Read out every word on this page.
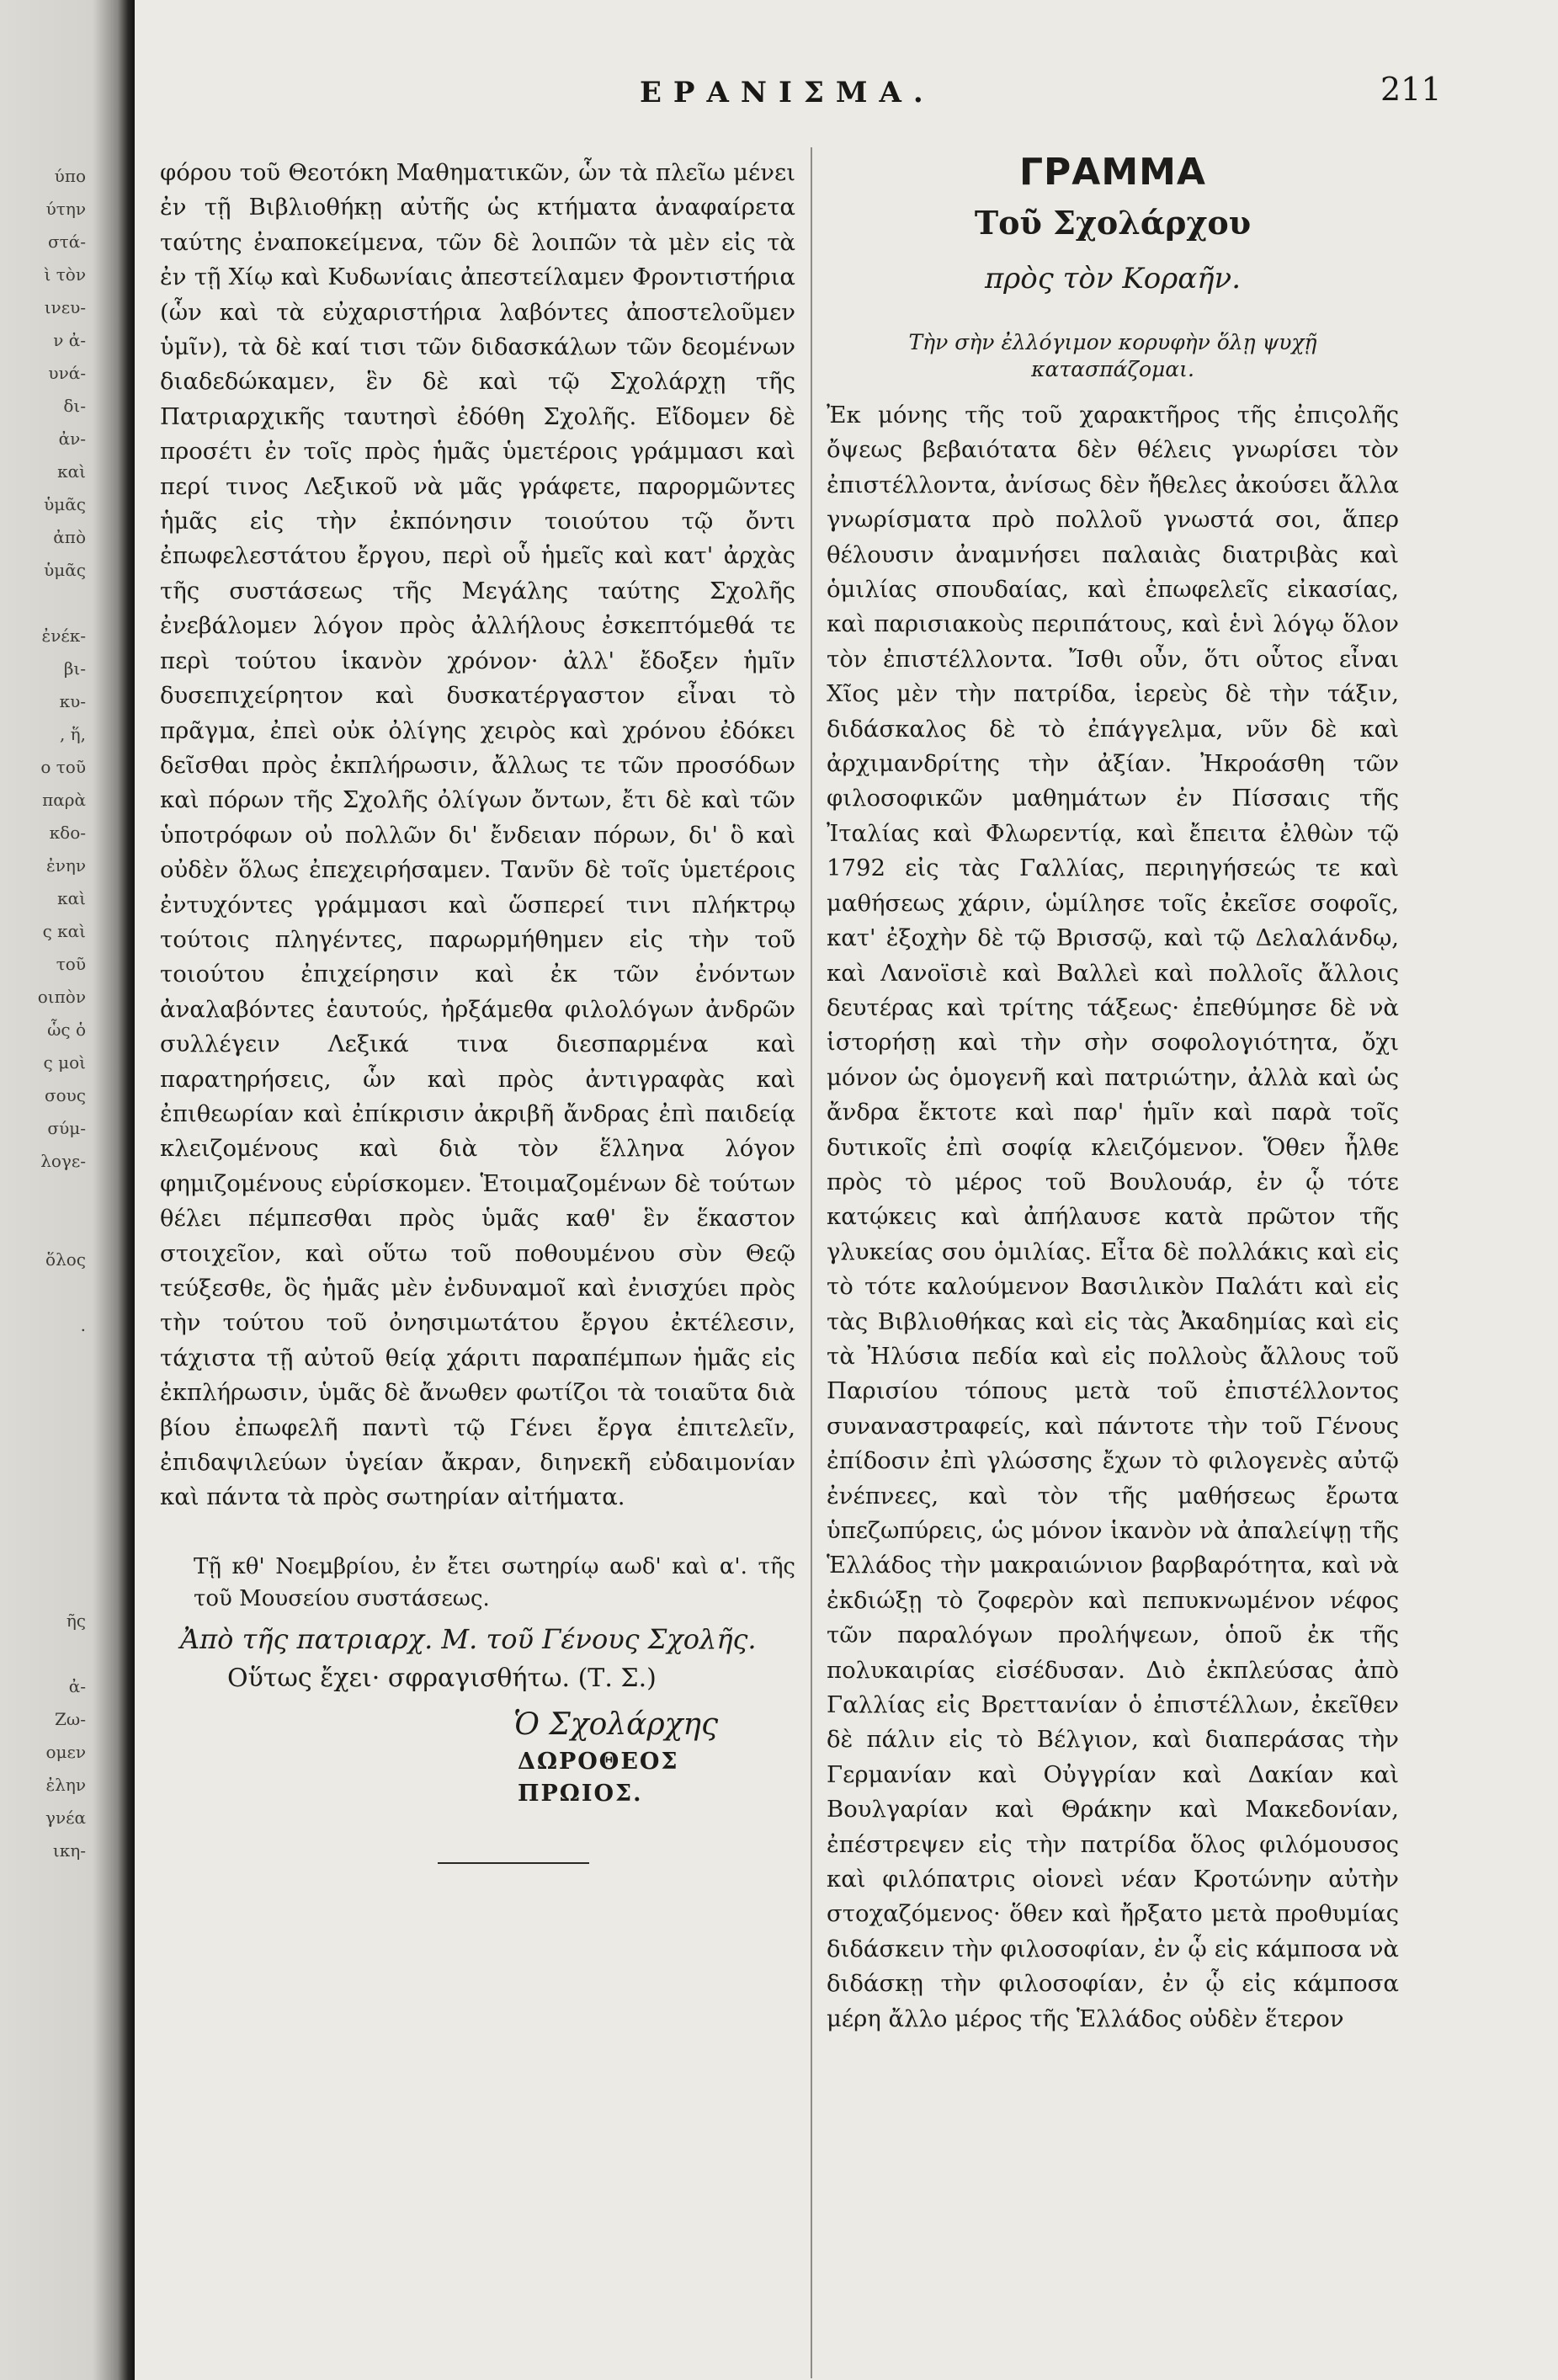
ύπο
ύτην
στά-
ὶ τὸν
ινευ-
ν ἀ-
υνά-
δι-
ἀν-
καὶ
ὑμᾶς
ἀπὸ
ὑμᾶς

ἐνέκ-
βι-
κυ-
, ἥ,
ο τοῦ
παρὰ
κδο-
ἐνην
καὶ
ς καὶ
τοῦ
οιπὸν
ὧς ὁ
ς μοὶ
σους
σύμ-
λογε-

ὅλος

.

ῆς

ἀ-
Ζω-
ομεν
ἐλην
γνέα
ικη-
ΕΡΑΝΙΣΜΑ.	211

φόρου τοῦ Θεοτόκη Μαθηματικῶν, ὧν τὰ πλεῖω μένει ἐν τῇ Βιβλιοθήκῃ αὐτῆς ὡς κτήματα ἀναφαίρετα ταύτης ἐναποκείμενα, τῶν δὲ λοιπῶν τὰ μὲν εἰς τὰ ἐν τῇ Χίῳ καὶ Κυδωνίαις ἀπεστείλαμεν Φροντιστήρια (ὧν καὶ τὰ εὐχαριστήρια λαβόντες ἀποστελοῦμεν ὑμῖν), τὰ δὲ καί τισι τῶν διδασκάλων τῶν δεομένων διαδεδώκαμεν, ἓν δὲ καὶ τῷ Σχολάρχῃ τῆς Πατριαρχικῆς ταυτησὶ ἐδόθη Σχολῆς. Εἴδομεν δὲ προσέτι ἐν τοῖς πρὸς ἡμᾶς ὑμετέροις γράμμασι καὶ περί τινος Λεξικοῦ νὰ μᾶς γράφετε, παρορμῶντες ἡμᾶς εἰς τὴν ἐκπόνησιν τοιούτου τῷ ὄντι ἐπωφελεστάτου ἔργου, περὶ οὗ ἡμεῖς καὶ κατ' ἀρχὰς τῆς συστάσεως τῆς Μεγάλης ταύτης Σχολῆς ἐνεβάλομεν λόγον πρὸς ἀλλήλους ἐσκεπτόμεθά τε περὶ τούτου ἱκανὸν χρόνον· ἀλλ' ἔδοξεν ἡμῖν δυσεπιχείρητον καὶ δυσκατέργαστον εἶναι τὸ πρᾶγμα, ἐπεὶ οὐκ ὀλίγης χειρὸς καὶ χρόνου ἐδόκει δεῖσθαι πρὸς ἐκπλήρωσιν, ἄλλως τε τῶν προσόδων καὶ πόρων τῆς Σχολῆς ὀλίγων ὄντων, ἔτι δὲ καὶ τῶν ὑποτρόφων οὐ πολλῶν δι' ἔνδειαν πόρων, δι' ὃ καὶ οὐδὲν ὅλως ἐπεχειρήσαμεν. Τανῦν δὲ τοῖς ὑμετέροις ἐντυχόντες γράμμασι καὶ ὥσπερεί τινι πλήκτρῳ τούτοις πληγέντες, παρωρμήθημεν εἰς τὴν τοῦ τοιούτου ἐπιχείρησιν καὶ ἐκ τῶν ἐνόντων ἀναλαβόντες ἑαυτούς, ἠρξάμεθα φιλολόγων ἀνδρῶν συλλέγειν Λεξικά τινα διεσπαρμένα καὶ παρατηρήσεις, ὧν καὶ πρὸς ἀντιγραφὰς καὶ ἐπιθεωρίαν καὶ ἐπίκρισιν ἀκριβῆ ἄνδρας ἐπὶ παιδείᾳ κλειζομένους καὶ διὰ τὸν ἕλληνα λόγον φημιζομένους εὑρίσκομεν. Ἑτοιμαζομένων δὲ τούτων θέλει πέμπεσθαι πρὸς ὑμᾶς καθ' ἓν ἕκαστον στοιχεῖον, καὶ οὕτω τοῦ ποθουμένου σὺν Θεῷ τεύξεσθε, ὃς ἡμᾶς μὲν ἐνδυναμοῖ καὶ ἐνισχύει πρὸς τὴν τούτου τοῦ ὀνησιμωτάτου ἔργου ἐκτέλεσιν, τάχιστα τῇ αὐτοῦ θείᾳ χάριτι παραπέμπων ἡμᾶς εἰς ἐκπλήρωσιν, ὑμᾶς δὲ ἄνωθεν φωτίζοι τὰ τοιαῦτα διὰ βίου ἐπωφελῆ παντὶ τῷ Γένει ἔργα ἐπιτελεῖν, ἐπιδαψιλεύων ὑγείαν ἄκραν, διηνεκῆ εὐδαιμονίαν καὶ πάντα τὰ πρὸς σωτηρίαν αἰτήματα.

Τῇ κθ' Νοεμβρίου, ἐν ἔτει σωτηρίῳ αωδ' καὶ α'. τῆς τοῦ Μουσείου συστάσεως.
Ἀπὸ τῆς πατριαρχ. Μ. τοῦ Γένους Σχολῆς.
Οὕτως ἔχει· σφραγισθήτω. (Τ. Σ.)
Ὁ Σχολάρχης
ΔΩΡΟΘΕΟΣ ΠΡΩΙΟΣ.
ΓΡΑΜΜΑ
Τοῦ Σχολάρχου
πρὸς τὸν Κοραῆν.
Τὴν σὴν ἐλλόγιμον κορυφὴν ὅλῃ ψυχῇ κατασπάζομαι.

Ἐκ μόνης τῆς τοῦ χαρακτῆρος τῆς ἐπιςολῆς ὄψεως βεβαιότατα δὲν θέλεις γνωρίσει τὸν ἐπιστέλλοντα, ἀνίσως δὲν ἤθελες ἀκούσει ἄλλα γνωρίσματα πρὸ πολλοῦ γνωστά σοι, ἅπερ θέλουσιν ἀναμνήσει παλαιὰς διατριβὰς καὶ ὁμιλίας σπουδαίας, καὶ ἐπωφελεῖς εἰκασίας, καὶ παρισιακοὺς περιπάτους, καὶ ἑνὶ λόγῳ ὅλον τὸν ἐπιστέλλοντα. Ἴσθι οὖν, ὅτι οὗτος εἶναι Χῖος μὲν τὴν πατρίδα, ἱερεὺς δὲ τὴν τάξιν, διδάσκαλος δὲ τὸ ἐπάγγελμα, νῦν δὲ καὶ ἀρχιμανδρίτης τὴν ἀξίαν. Ἠκροάσθη τῶν φιλοσοφικῶν μαθημάτων ἐν Πίσσαις τῆς Ἰταλίας καὶ Φλωρεντίᾳ, καὶ ἔπειτα ἐλθὼν τῷ 1792 εἰς τὰς Γαλλίας, περιηγήσεώς τε καὶ μαθήσεως χάριν, ὡμίλησε τοῖς ἐκεῖσε σοφοῖς, κατ' ἐξοχὴν δὲ τῷ Βρισσῷ, καὶ τῷ Δελαλάνδῳ, καὶ Λανοϊσιὲ καὶ Βαλλεὶ καὶ πολλοῖς ἄλλοις δευτέρας καὶ τρίτης τάξεως· ἐπεθύμησε δὲ νὰ ἱστορήσῃ καὶ τὴν σὴν σοφολογιότητα, ὄχι μόνον ὡς ὁμογενῆ καὶ πατριώτην, ἀλλὰ καὶ ὡς ἄνδρα ἔκτοτε καὶ παρ' ἡμῖν καὶ παρὰ τοῖς δυτικοῖς ἐπὶ σοφίᾳ κλειζόμενον. Ὅθεν ἦλθε πρὸς τὸ μέρος τοῦ Βουλουάρ, ἐν ᾧ τότε κατῴκεις καὶ ἀπήλαυσε κατὰ πρῶτον τῆς γλυκείας σου ὁμιλίας. Εἶτα δὲ πολλάκις καὶ εἰς τὸ τότε καλούμενον Βασιλικὸν Παλάτι καὶ εἰς τὰς Βιβλιοθήκας καὶ εἰς τὰς Ἀκαδημίας καὶ εἰς τὰ Ἠλύσια πεδία καὶ εἰς πολλοὺς ἄλλους τοῦ Παρισίου τόπους μετὰ τοῦ ἐπιστέλλοντος συναναστραφείς, καὶ πάντοτε τὴν τοῦ Γένους ἐπίδοσιν ἐπὶ γλώσσης ἔχων τὸ φιλογενὲς αὐτῷ ἐνέπνεες, καὶ τὸν τῆς μαθήσεως ἔρωτα ὑπεζωπύρεις, ὡς μόνον ἱκανὸν νὰ ἀπαλείψῃ τῆς Ἑλλάδος τὴν μακραιώνιον βαρβαρότητα, καὶ νὰ ἐκδιώξῃ τὸ ζοφερὸν καὶ πεπυκνωμένον νέφος τῶν παραλόγων προλήψεων, ὁποῦ ἐκ τῆς πολυκαιρίας εἰσέδυσαν. Διὸ ἐκπλεύσας ἀπὸ Γαλλίας εἰς Βρεττανίαν ὁ ἐπιστέλλων, ἐκεῖθεν δὲ πάλιν εἰς τὸ Βέλγιον, καὶ διαπεράσας τὴν Γερμανίαν καὶ Οὐγγρίαν καὶ Δακίαν καὶ Βουλγαρίαν καὶ Θράκην καὶ Μακεδονίαν, ἐπέστρεψεν εἰς τὴν πατρίδα ὅλος φιλόμουσος καὶ φιλόπατρις οἱονεὶ νέαν Κροτώνην αὐτὴν στοχαζόμενος· ὅθεν καὶ ἤρξατο μετὰ προθυμίας διδάσκειν τὴν φιλοσοφίαν, ἐν ᾧ εἰς κάμποσα νὰ διδάσκῃ τὴν φιλοσοφίαν, ἐν ᾧ εἰς κάμποσα μέρη ἄλλο μέρος τῆς Ἑλλάδος οὐδὲν ἕτερον
